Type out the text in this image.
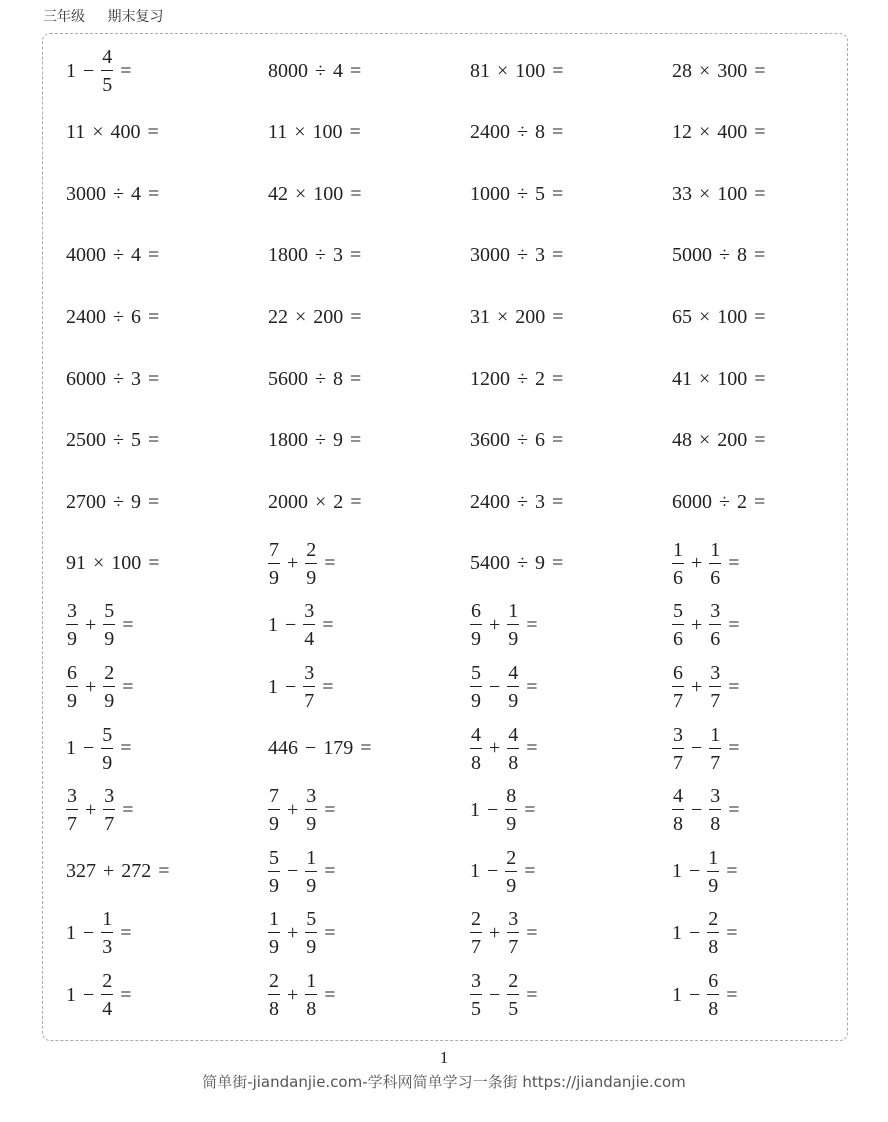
三年级 期末复习
$1 - \frac{4}{5}$ =	8000 ÷ 4 =	81 × 100 =	28 × 300 =
11 × 400 =	11 × 100 =	2400 ÷ 8 =	12 × 400 =
3000 ÷ 4 =	42 × 100 =	1000 ÷ 5 =	33 × 100 =
4000 ÷ 4 =	1800 ÷ 3 =	3000 ÷ 3 =	5000 ÷ 8 =
2400 ÷ 6 =	22 × 200 =	31 × 200 =	65 × 100 =
6000 ÷ 3 =	5600 ÷ 8 =	1200 ÷ 2 =	41 × 100 =
2500 ÷ 5 =	1800 ÷ 9 =	3600 ÷ 6 =	48 × 200 =
2700 ÷ 9 =	2000 × 2 =	2400 ÷ 3 =	6000 ÷ 2 =
91 × 100 =	$\frac{7}{9} + \frac{2}{9}$ =	5400 ÷ 9 =	$\frac{1}{6} + \frac{1}{6}$ =
$\frac{3}{9} + \frac{5}{9}$ =	$1 - \frac{3}{4}$ =	$\frac{6}{9} + \frac{1}{9}$ =	$\frac{5}{6} + \frac{3}{6}$ =
$\frac{6}{9} + \frac{2}{9}$ =	$1 - \frac{3}{7}$ =	$\frac{5}{9} - \frac{4}{9}$ =	$\frac{6}{7} + \frac{3}{7}$ =
$1 - \frac{5}{9}$ =	446 − 179 =	$\frac{4}{8} + \frac{4}{8}$ =	$\frac{3}{7} - \frac{1}{7}$ =
$\frac{3}{7} + \frac{3}{7}$ =	$\frac{7}{9} + \frac{3}{9}$ =	$1 - \frac{8}{9}$ =	$\frac{4}{8} - \frac{3}{8}$ =
327 + 272 =	$\frac{5}{9} - \frac{1}{9}$ =	$1 - \frac{2}{9}$ =	$1 - \frac{1}{9}$ =
$1 - \frac{1}{3}$ =	$\frac{1}{9} + \frac{5}{9}$ =	$\frac{2}{7} + \frac{3}{7}$ =	$1 - \frac{2}{8}$ =
$1 - \frac{2}{4}$ =	$\frac{2}{8} + \frac{1}{8}$ =	$\frac{3}{5} - \frac{2}{5}$ =	$1 - \frac{6}{8}$ =
1
简单街-jiandanjie.com-学科网简单学习一条街 https://jiandanjie.com
